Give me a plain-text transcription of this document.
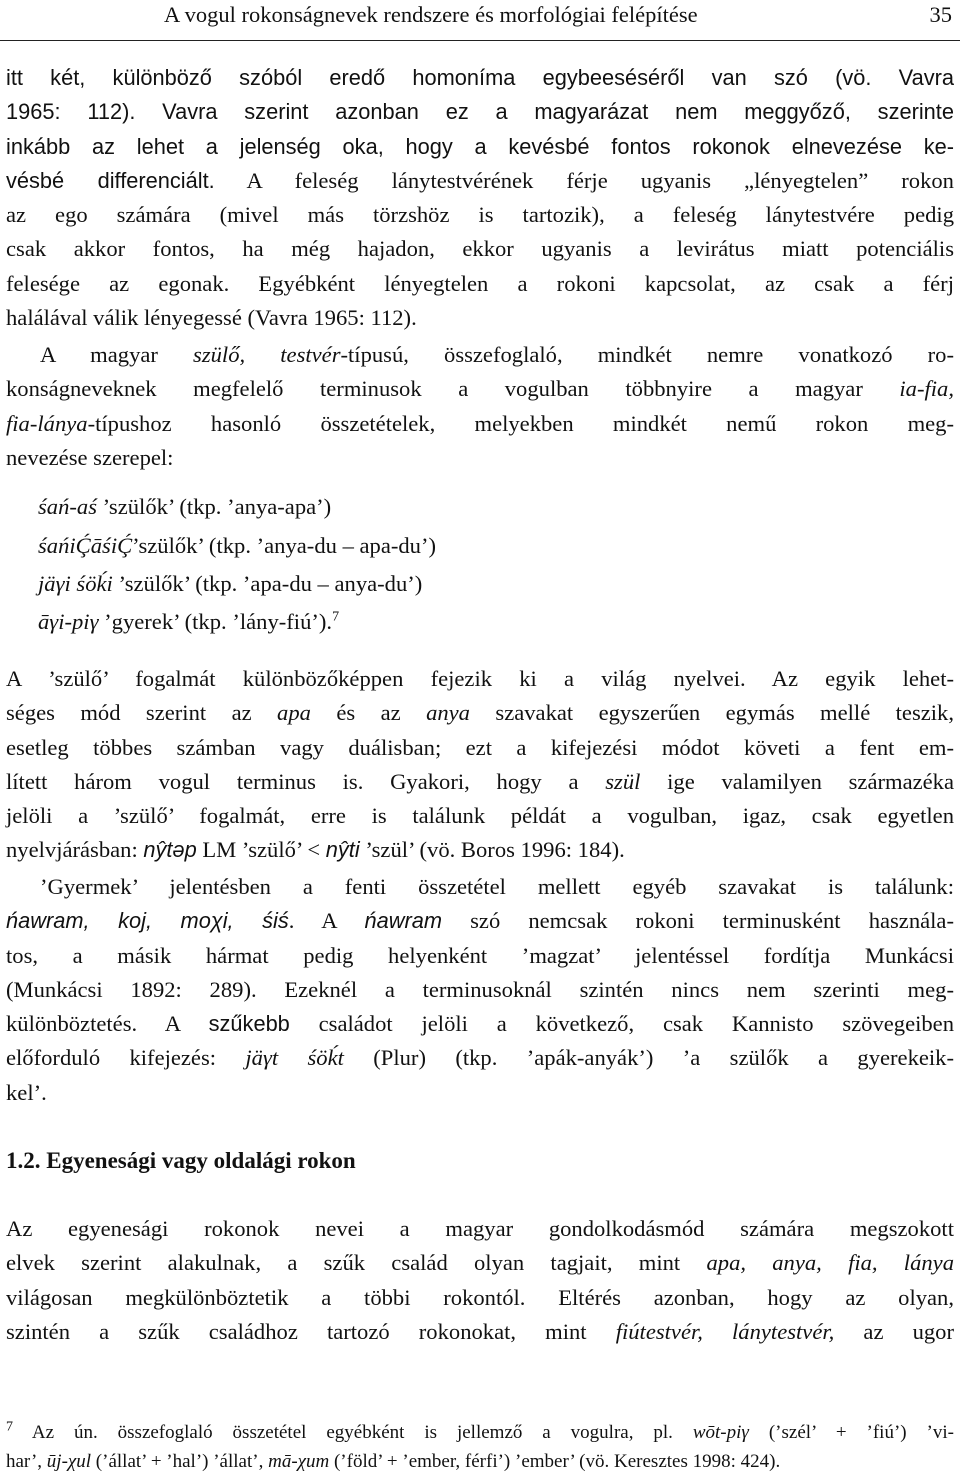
A vogul rokonságnevek rendszere és morfológiai felépítése	35
itt két, különböző szóból eredő homoníma egybeeséséről van szó (vö. Vavra
1965: 112). Vavra szerint azonban ez a magyarázat nem meggyőző, szerinte
inkább az lehet a jelenség oka, hogy a kevésbé fontos rokonok elnevezése ke-
vésbé differenciált. A feleség lánytestvérének férje ugyanis „lényegtelen” rokon
az ego számára (mivel más törzshöz is tartozik), a feleség lánytestvére pedig
csak akkor fontos, ha még hajadon, ekkor ugyanis a levirátus miatt potenciális
felesége az egonak. Egyébként lényegtelen a rokoni kapcsolat, az csak a férj
halálával válik lényegessé (Vavra 1965: 112).
A magyar szülő, testvér-típusú, összefoglaló, mindkét nemre vonatkozó ro-
konságneveknek megfelelő terminusok a vogulban többnyire a magyar ia-fia,
fia-lánya-típushoz hasonló összetételek, melyekben mindkét nemű rokon meg-
nevezése szerepel:
śań-aś ’szülők’ (tkp. ’anya-apa’)
śańiḈāśiḈ’szülők’ (tkp. ’anya-du – apa-du’)
jäγi śöḱi ’szülők’ (tkp. ’apa-du – anya-du’)
āγi-piγ ’gyerek’ (tkp. ’lány-fiú’).$^7$
A ’szülő’ fogalmát különbözőképpen fejezik ki a világ nyelvei. Az egyik lehet-
séges mód szerint az apa és az anya szavakat egyszerűen egymás mellé teszik,
esetleg többes számban vagy duálisban; ezt a kifejezési módot követi a fent em-
lített három vogul terminus is. Gyakori, hogy a szül ige valamilyen származéka
jelöli a ’szülő’ fogalmát, erre is találunk példát a vogulban, igaz, csak egyetlen
nyelvjárásban: nŷtəp LM ’szülő’ < nŷti ’szül’ (vö. Boros 1996: 184).
’Gyermek’ jelentésben a fenti összetétel mellett egyéb szavakat is találunk:
ńawram, koj, moχi, śiś. A ńawram szó nemcsak rokoni terminusként használa-
tos, a másik hármat pedig helyenként ’magzat’ jelentéssel fordítja Munkácsi
(Munkácsi 1892: 289). Ezeknél a terminusoknál szintén nincs nem szerinti meg-
különböztetés. A szűkebb családot jelöli a következő, csak Kannisto szövegeiben
előforduló kifejezés: jäγt śöḱt (Plur) (tkp. ’apák-anyák’) ’a szülők a gyerekeik-
kel’.
1.2. Egyenesági vagy oldalági rokon
Az egyenesági rokonok nevei a magyar gondolkodásmód számára megszokott
elvek szerint alakulnak, a szűk család olyan tagjait, mint apa, anya, fia, lánya
világosan megkülönböztetik a többi rokontól. Eltérés azonban, hogy az olyan,
szintén a szűk családhoz tartozó rokonokat, mint fiútestvér, lánytestvér, az ugor
$^7$ Az ún. összefoglaló összetétel egyébként is jellemző a vogulra, pl. wōt-piγ (’szél’ + ’fiú’) ’vi-
har’, ūj-χul (’állat’ + ’hal’) ’állat’, mā-χum (’föld’ + ’ember, férfi’) ’ember’ (vö. Keresztes 1998: 424).
